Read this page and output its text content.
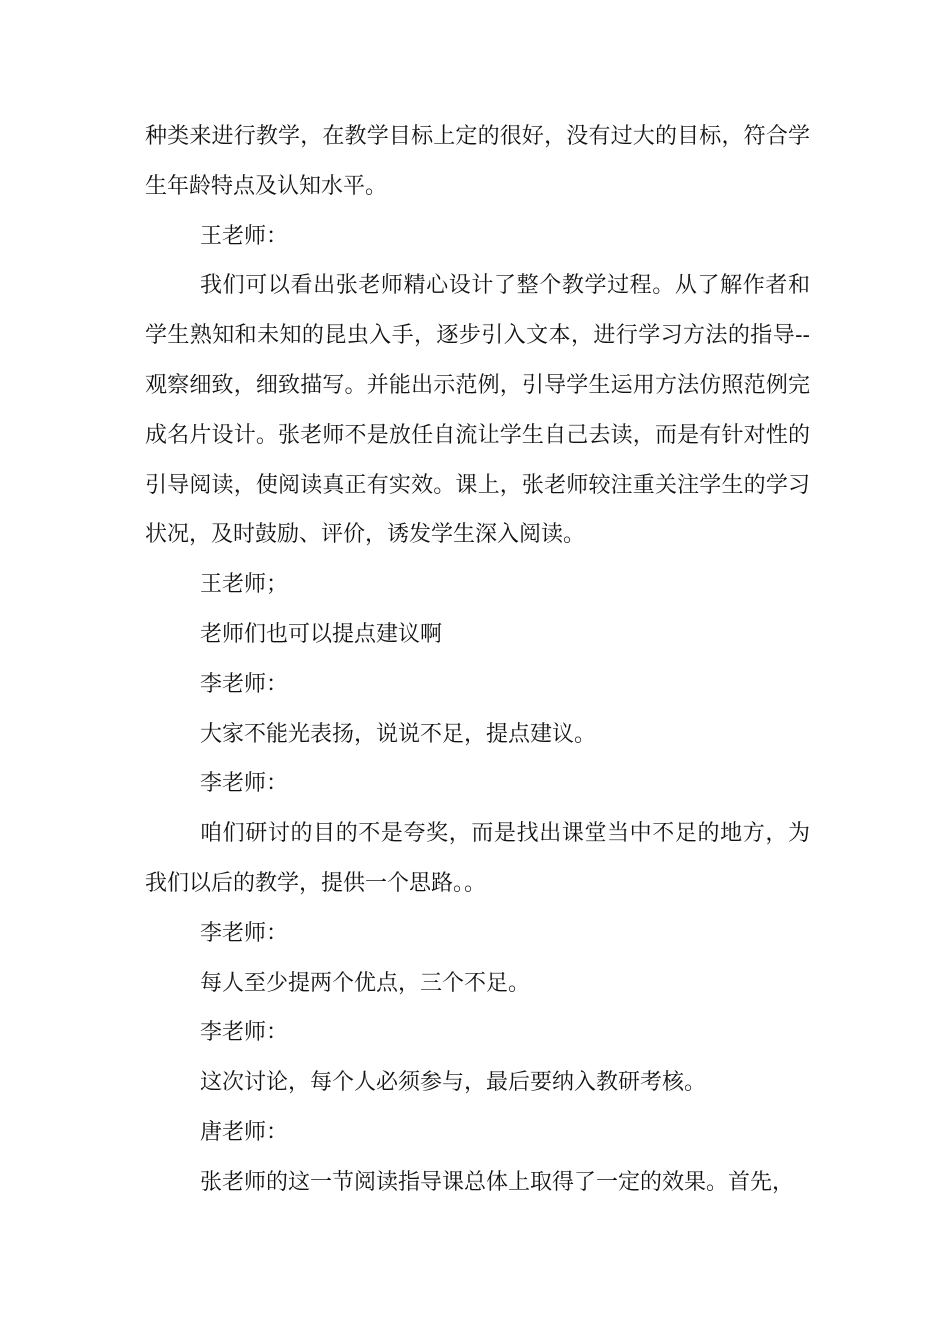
种类来进行教学，在教学目标上定的很好，没有过大的目标，符合学生年龄特点及认知水平。

王老师：

我们可以看出张老师精心设计了整个教学过程。从了解作者和学生熟知和未知的昆虫入手，逐步引入文本，进行学习方法的指导--观察细致，细致描写。并能出示范例，引导学生运用方法仿照范例完成名片设计。张老师不是放任自流让学生自己去读，而是有针对性的引导阅读，使阅读真正有实效。课上，张老师较注重关注学生的学习状况，及时鼓励、评价，诱发学生深入阅读。

王老师；

老师们也可以提点建议啊

李老师：

大家不能光表扬，说说不足，提点建议。

李老师：

咱们研讨的目的不是夸奖，而是找出课堂当中不足的地方，为我们以后的教学，提供一个思路。。

李老师：

每人至少提两个优点，三个不足。

李老师：

这次讨论，每个人必须参与，最后要纳入教研考核。

唐老师：

张老师的这一节阅读指导课总体上取得了一定的效果。首先，
